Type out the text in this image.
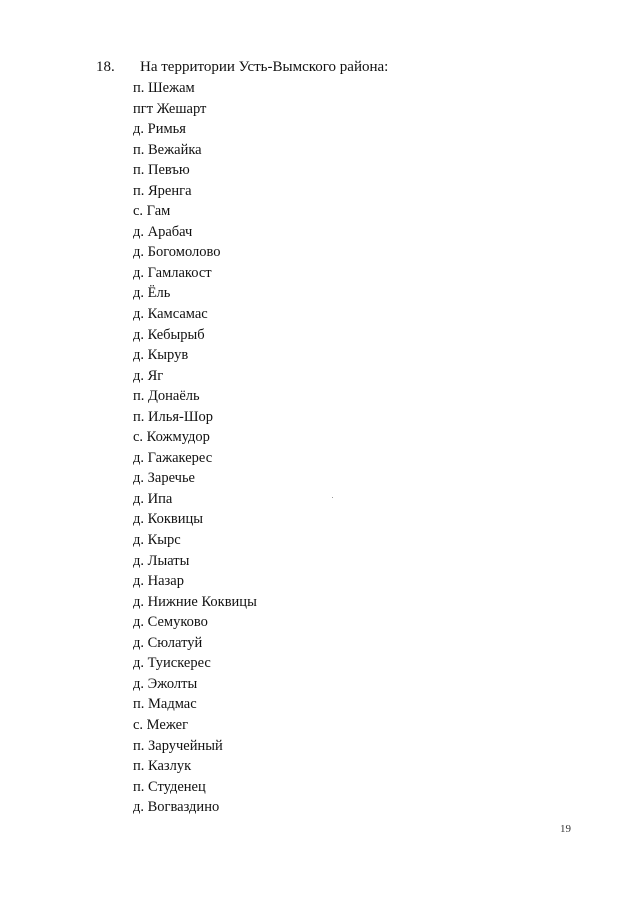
18. На территории Усть-Вымского района:
п. Шежам
пгт Жешарт
д. Римья
п. Вежайка
п. Певъю
п. Яренга
с. Гам
д. Арабач
д. Богомолово
д. Гамлакост
д. Ёль
д. Камсамас
д. Кебырыб
д. Кырув
д. Яг
п. Донаёль
п. Илья-Шор
с. Кожмудор
д. Гажакерес
д. Заречье
д. Ипа
д. Коквицы
д. Кырс
д. Лыаты
д. Назар
д. Нижние Коквицы
д. Семуково
д. Сюлатуй
д. Туискерес
д. Эжолты
п. Мадмас
с. Межег
п. Заручейный
п. Казлук
п. Студенец
д. Вогваздино
19
